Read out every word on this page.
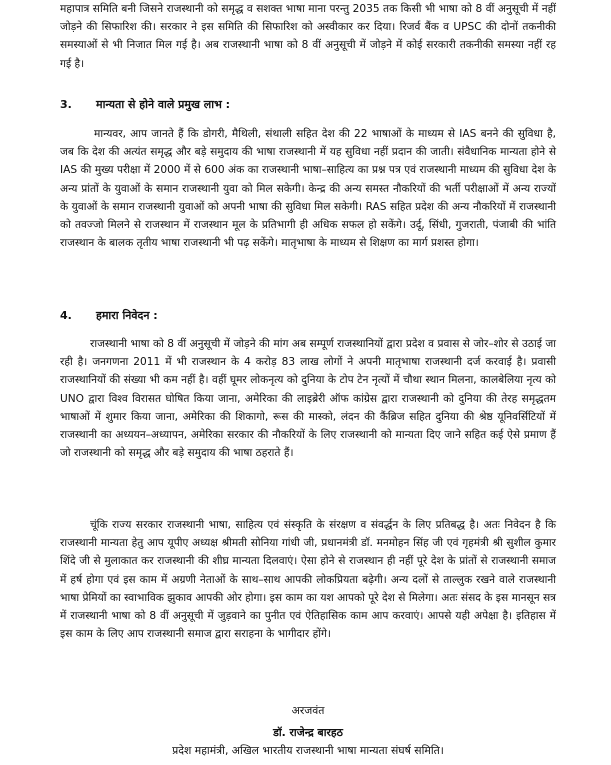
महापात्र समिति बनी जिसने राजस्थानी को समृद्ध व सशक्त भाषा माना परन्तु 2035 तक किसी भी भाषा को 8 वीं अनुसूची में नहीं जोड़ने की सिफारिश की। सरकार ने इस समिति की सिफारिश को अस्वीकार कर दिया। रिजर्व बैंक व UPSC की दोनों तकनीकी समस्याओं से भी निजात मिल गई है। अब राजस्थानी भाषा को 8 वीं अनुसूची में जोड़ने में कोई सरकारी तकनीकी समस्या नहीं रह गई है।

3. मान्यता से होने वाले प्रमुख लाभ :

मान्यवर, आप जानते हैं कि डोगरी, मैथिली, संथाली सहित देश की 22 भाषाओं के माध्यम से IAS बनने की सुविधा है, जब कि देश की अत्यंत समृद्ध और बड़े समुदाय की भाषा राजस्थानी में यह सुविधा नहीं प्रदान की जाती। संवैधानिक मान्यता होने से IAS की मुख्य परीक्षा में 2000 में से 600 अंक का राजस्थानी भाषा–साहित्य का प्रश्न पत्र एवं राजस्थानी माध्यम की सुविधा देश के अन्य प्रांतों के युवाओं के समान राजस्थानी युवा को मिल सकेगी। केन्द्र की अन्य समस्त नौकरियों की भर्ती परीक्षाओं में अन्य राज्यों के युवाओं के समान राजस्थानी युवाओं को अपनी भाषा की सुविधा मिल सकेगी। RAS सहित प्रदेश की अन्य नौकरियों में राजस्थानी को तवज्जो मिलने से राजस्थान में राजस्थान मूल के प्रतिभागी ही अधिक सफल हो सकेंगे। उर्दू, सिंधी, गुजराती, पंजाबी की भांति राजस्थान के बालक तृतीय भाषा राजस्थानी भी पढ़ सकेंगे। मातृभाषा के माध्यम से शिक्षण का मार्ग प्रशस्त होगा।

4. हमारा निवेदन :

राजस्थानी भाषा को 8 वीं अनुसूची में जोड़ने की मांग अब सम्पूर्ण राजस्थानियों द्वारा प्रदेश व प्रवास से जोर–शोर से उठाई जा रही है। जनगणना 2011 में भी राजस्थान के 4 करोड़ 83 लाख लोगों ने अपनी मातृभाषा राजस्थानी दर्ज करवाई है। प्रवासी राजस्थानियों की संख्या भी कम नहीं है। वहीं घूमर लोकनृत्य को दुनिया के टोप टेन नृत्यों में चौथा स्थान मिलना, कालबेलिया नृत्य को UNO द्वारा विश्व विरासत घोषित किया जाना, अमेरिका की लाइब्रेरी ऑफ कांग्रेस द्वारा राजस्थानी को दुनिया की तेरह समृद्धतम भाषाओं में शुमार किया जाना, अमेरिका की शिकागो, रूस की मास्को, लंदन की कैंब्रिज सहित दुनिया की श्रेष्ठ यूनिवर्सिटियों में राजस्थानी का अध्ययन–अध्यापन, अमेरिका सरकार की नौकरियों के लिए राजस्थानी को मान्यता दिए जाने सहित कई ऐसे प्रमाण हैं जो राजस्थानी को समृद्ध और बड़े समुदाय की भाषा ठहराते हैं।

चूंकि राज्य सरकार राजस्थानी भाषा, साहित्य एवं संस्कृति के संरक्षण व संवर्द्धन के लिए प्रतिबद्ध है। अतः निवेदन है कि राजस्थानी मान्यता हेतु आप यूपीए अध्यक्ष श्रीमती सोनिया गांधी जी, प्रधानमंत्री डॉ. मनमोहन सिंह जी एवं गृहमंत्री श्री सुशील कुमार शिंदे जी से मुलाकात कर राजस्थानी की शीघ्र मान्यता दिलवाएं। ऐसा होने से राजस्थान ही नहीं पूरे देश के प्रांतों से राजस्थानी समाज में हर्ष होगा एवं इस काम में अग्रणी नेताओं के साथ–साथ आपकी लोकप्रियता बढ़ेगी। अन्य दलों से ताल्लुक रखने वाले राजस्थानी भाषा प्रेमियों का स्वाभाविक झुकाव आपकी ओर होगा। इस काम का यश आपको पूरे देश से मिलेगा। अतः संसद के इस मानसून सत्र में राजस्थानी भाषा को 8 वीं अनुसूची में जुड़वाने का पुनीत एवं ऐतिहासिक काम आप करवाएं। आपसे यही अपेक्षा है। इतिहास में इस काम के लिए आप राजस्थानी समाज द्वारा सराहना के भागीदार होंगे।

अरजवंत
डॉ. राजेन्द्र बारहठ
प्रदेश महामंत्री, अखिल भारतीय राजस्थानी भाषा मान्यता संघर्ष समिति।
